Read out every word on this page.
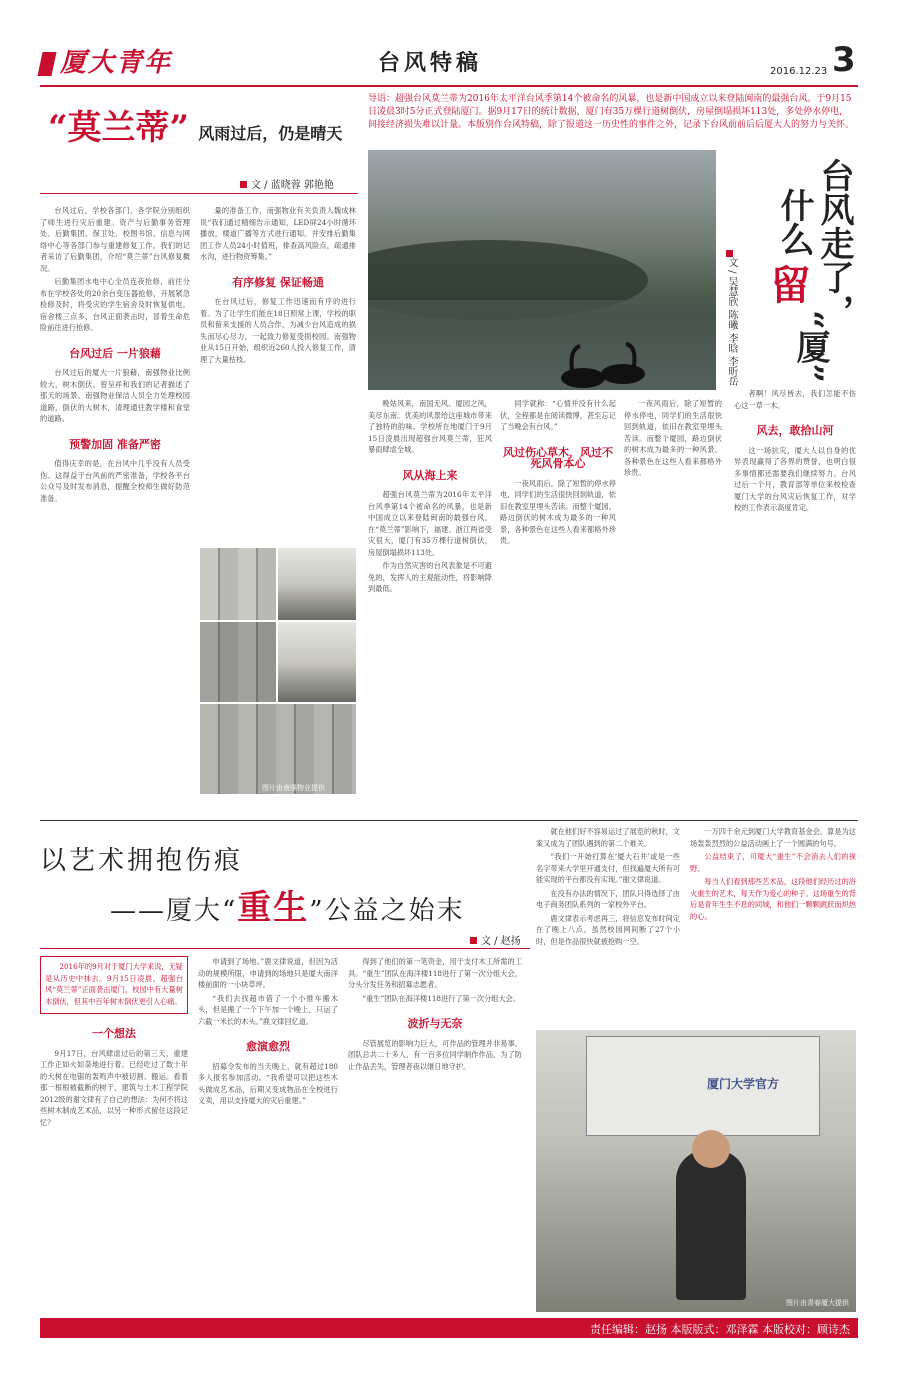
厦大青年	台风特稿	2016.12.23 3
导语：超强台风莫兰蒂为2016年太平洋台风季第14个被命名的风暴，也是新中国成立以来登陆闽南的最强台风。于9月15日凌晨3时5分正式登陆厦门。据9月17日的统计数据，厦门有35万棵行道树倒伏，房屋倒塌损坏113处，多处停水停电，间接经济损失难以计量。本版别作台风特稿，除了报道这一历史性的事件之外，记录下台风前前后后厦大人的努力与关怀。
“莫兰蒂” 风雨过后，仍是晴天
文 / 蓝晓蓉 郭艳艳

台风过后，学校各部门、各学院分别组织了师生进行灾后重建。资产与后勤事务管理处、后勤集团、保卫处、校图书馆、信息与网络中心等各部门参与重建修复工作。我们的记者采访了后勤集团，介绍“莫兰蒂”台风修复概况。

后勤集团水电中心全员连夜抢修，前往分布在学校各处的20余台变压器抢修，开展紧急检修及时，将受灾的学生宿舍及时恢复供电。宿舍楼三点多，台风正面袭击时，冒着生命危险前往进行抢修。

台风过后 一片狼藉

台风过后的厦大一片狼藉，南强物业比例较大，树木倒伏。曾呈祥和我们的记者描述了那天的场景。南强物业保洁人员全力处理校园道路，倒伏的大树木，清理通往教学楼和食堂的道路。

预警加固 准备严密

值得庆幸的是，在台风中几乎没有人员受伤。这得益于台风前的严密准备，学校各平台公众号及时发布消息，提醒全校师生做好防范准备。

量的准备工作，南强物业有关负责人魏成林说“我们通过精细告示通知，LED屏24小时循环播放，楼道广播等方式进行通知。并安排后勤集团工作人员24小时值班，排查高风险点，疏通排水沟，进行物资筹集。”

有序修复 保证畅通

在台风过后，修复工作迅速而有序的进行着。为了让学生们能在18日照常上课，学校的职员和留来支援的人员合作，为减少台风造成的损失而尽心尽力，一起致力修复受损校园。南强物业从15日开始，组织近260人投入修复工作，清理了大量枯枝。

图片由南强物业提供
台风走了，
什么
留
“厦”
文 / 吴慧欣 陈曦 李晗 李昕岳

晚姑风来，南国无风。厦园之风，美尽东南。优美的风景给这座城市带来了独特的韵味。学校所在地厦门于9月15日凌晨出现超强台风莫兰蒂，狂风暴雨肆虐全城。

风从海上来

超强台风莫兰蒂为2016年太平洋台风季第14个被命名的风暴，也是新中国成立以来登陆闽南的最强台风，在“莫兰蒂”影响下，福建、浙江两省受灾很大，厦门有35万棵行道树倒伏，房屋倒塌损坏113处。

作为自然灾害的台风表象是不可避免的，发挥人的主观能动性，将影响降到最低。

同学就称：“心情并没有什么起伏，全程都是在阅读微博，甚至忘记了当晚会有台风。”

风过伤心草木，风过不死风骨本心

一夜风雨后，除了短暂的停水停电，同学们的生活很快回到轨道，依旧在教室里埋头苦读。而整个厦园，路边倒伏的树木成为最多的一种风景，各种景色在这些人看来都格外珍贵。

一夜风雨后，除了短暂的停水停电，同学们的生活很快回到轨道，依旧在教室里埋头苦读。而整个厦园，路边倒伏的树木成为最多的一种风景，各种景色在这些人看来都格外珍贵。

者啊！风尽皆去，我们怎能不伤心这一草一木。

风去，敢拾山河

这一场抗灾，厦大人以自身的优异表现赢得了各界的赞誉，也明白很多事情都还需要我们继续努力。台风过后一个月，教育部等单位来校检查厦门大学的台风灾后恢复工作，对学校的工作表示高度肯定。

以艺术拥抱伤痕
——厦大“重生”公益之始末
文 / 赵扬

2016年的9月对于厦门大学来说，无疑是从历史中抹去。9月15日凌晨，超强台风“莫兰蒂”正面袭击厦门，校园中有大量树木倒伏，但其中百年树木倒伏更引人心痛。

一个想法

9月17日，台风肆虐过后的第三天，重建工作正如火如荼地进行着。已经吃过了数十年的大树在电锯的轰鸣声中被切割、搬运。看着那一根根被截断的树干，建筑与土木工程学院2012级的谢文律有了自己的想法：为何不将这些树木制成艺术品，以另一种形式留住这段记忆？

申请到了场地。”鹿文律说道，但因为活动的规模所限，申请到的场地只是厦大南洋楼前面的一小块草坪。

“我们去找超市借了一个小推车搬木头，但是搬了一个下午加一个晚上，只运了六截一米长的木头。”鹿文律回忆道。

愈演愈烈

招募令发布的当天晚上，就有超过180多人报名参加活动。“我希望可以把这些木头做成艺术品，后期又变成物品在全校进行义卖，用以支持厦大的灾后重建。”

得到了他们的第一笔资金，用于支付木工所需的工具。“重生”团队在海洋楼118进行了第一次分组大会，分头分发任务和招募志愿者。

“重生”团队在海洋楼118进行了第一次分组大会。

波折与无奈

尽管展览的影响力巨大，可作品的管理并非易事。团队总共二十多人，有一百多位同学制作作品，为了防止作品丢失，管理者夜以继日地守护。

就在他们好不容易运过了展览的秋时，文案又成为了团队遇到的第二个难关。

“我们一开始打算在‘厦大石井’或是一些名字带来大学里开通支付，但找遍厦大所有可能实现的平台都没有实现。”谢文律说道。

在没有办法的情况下，团队只得选择了由电子商务团队系列的一家校外平台。

鹿文律表示考虑再三，将信息发布时间定在了晚上八点。虽然校园网间断了27个小时，但是作品很快就被抢购一空。

一万四千余元到厦门大学教育基金会。算是为这场轰轰烈烈的公益活动画上了一个圆满的句号。

公益结束了，可厦大“重生”不会消去人们的视野。

每当人们看到那些艺术品，这段他们经历过的浴火重生的艺术，每天作为爱心的种子。这场重生的背后是青年生生不息的同城，和他们一颗颗跳跃而炽热的心。

厦门大学官方
图片由青春厦大提供
责任编辑：赵扬 本版版式：邓泽霖 本版校对：顾诗杰
